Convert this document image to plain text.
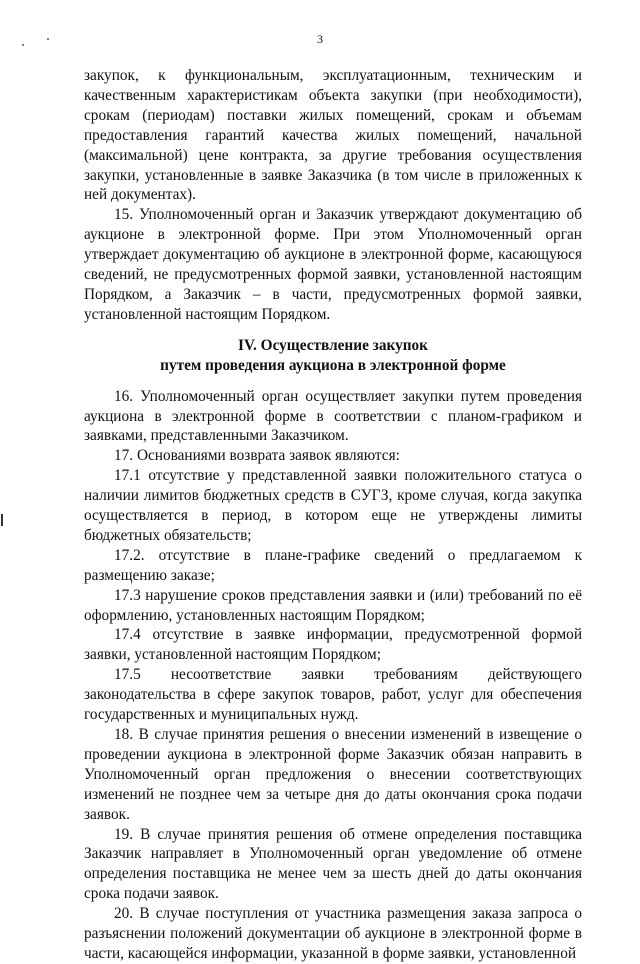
3

закупок, к функциональным, эксплуатационным, техническим и качественным характеристикам объекта закупки (при необходимости), срокам (периодам) поставки жилых помещений, срокам и объемам предоставления гарантий качества жилых помещений, начальной (максимальной) цене контракта, за другие требования осуществления закупки, установленные в заявке Заказчика (в том числе в приложенных к ней документах).

15. Уполномоченный орган и Заказчик утверждают документацию об аукционе в электронной форме. При этом Уполномоченный орган утверждает документацию об аукционе в электронной форме, касающуюся сведений, не предусмотренных формой заявки, установленной настоящим Порядком, а Заказчик – в части, предусмотренных формой заявки, установленной настоящим Порядком.

IV. Осуществление закупок
путем проведения аукциона в электронной форме

16. Уполномоченный орган осуществляет закупки путем проведения аукциона в электронной форме в соответствии с планом-графиком и заявками, представленными Заказчиком.

17. Основаниями возврата заявок являются:

17.1 отсутствие у представленной заявки положительного статуса о наличии лимитов бюджетных средств в СУГЗ, кроме случая, когда закупка осуществляется в период, в котором еще не утверждены лимиты бюджетных обязательств;

17.2. отсутствие в плане-графике сведений о предлагаемом к размещению заказе;

17.3 нарушение сроков представления заявки и (или) требований по её оформлению, установленных настоящим Порядком;

17.4 отсутствие в заявке информации, предусмотренной формой заявки, установленной настоящим Порядком;

17.5 несоответствие заявки требованиям действующего законодательства в сфере закупок товаров, работ, услуг для обеспечения государственных и муниципальных нужд.

18. В случае принятия решения о внесении изменений в извещение о проведении аукциона в электронной форме Заказчик обязан направить в Уполномоченный орган предложения о внесении соответствующих изменений не позднее чем за четыре дня до даты окончания срока подачи заявок.

19. В случае принятия решения об отмене определения поставщика Заказчик направляет в Уполномоченный орган уведомление об отмене определения поставщика не менее чем за шесть дней до даты окончания срока подачи заявок.

20. В случае поступления от участника размещения заказа запроса о разъяснении положений документации об аукционе в электронной форме в части, касающейся информации, указанной в форме заявки, установленной
